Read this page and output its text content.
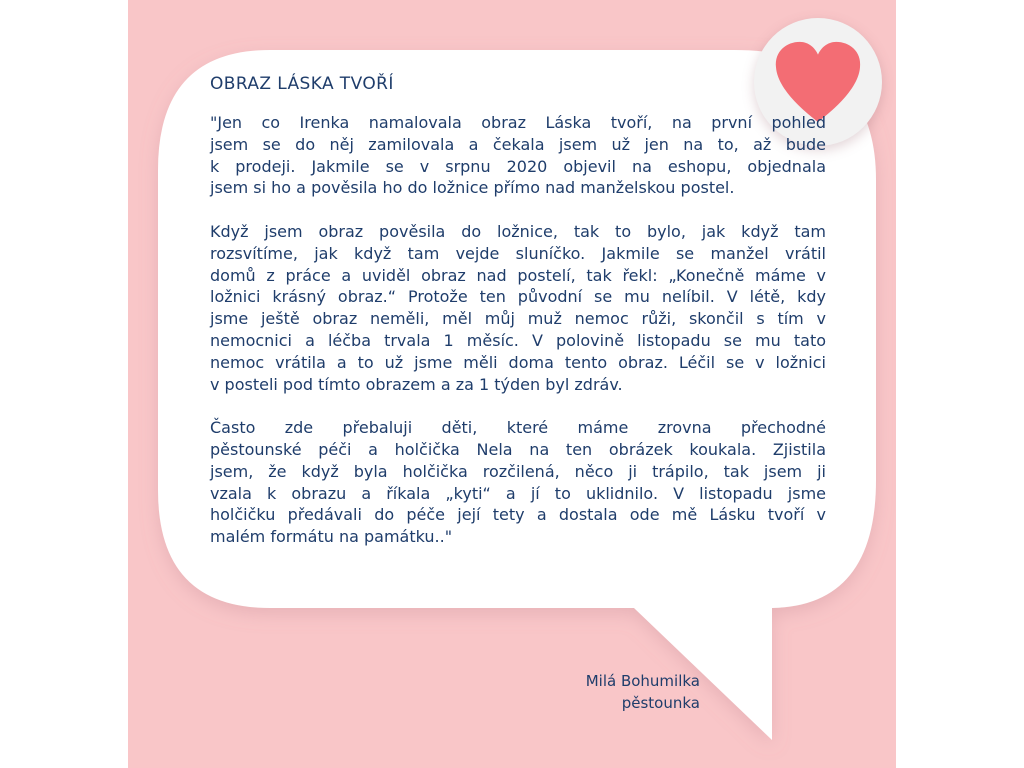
OBRAZ LÁSKA TVOŘÍ

"Jen co Irenka namalovala obraz Láska tvoří, na první pohled
jsem se do něj zamilovala a čekala jsem už jen na to, až bude
k prodeji. Jakmile se v srpnu 2020 objevil na eshopu, objednala
jsem si ho a pověsila ho do ložnice přímo nad manželskou postel.

Když jsem obraz pověsila do ložnice, tak to bylo, jak když tam
rozsvítíme, jak když tam vejde sluníčko. Jakmile se manžel vrátil
domů z práce a uviděl obraz nad postelí, tak řekl: „Konečně máme v
ložnici krásný obraz.“ Protože ten původní se mu nelíbil. V létě, kdy
jsme ještě obraz neměli, měl můj muž nemoc růži, skončil s tím v
nemocnici a léčba trvala 1 měsíc. V polovině listopadu se mu tato
nemoc vrátila a to už jsme měli doma tento obraz. Léčil se v ložnici
v posteli pod tímto obrazem a za 1 týden byl zdráv.

Často zde přebaluji děti, které máme zrovna přechodné
pěstounské péči a holčička Nela na ten obrázek koukala. Zjistila
jsem, že když byla holčička rozčilená, něco ji trápilo, tak jsem ji
vzala k obrazu a říkala „kyti“ a jí to uklidnilo. V listopadu jsme
holčičku předávali do péče její tety a dostala ode mě Lásku tvoří v
malém formátu na památku.."

Milá Bohumilka
pěstounka
